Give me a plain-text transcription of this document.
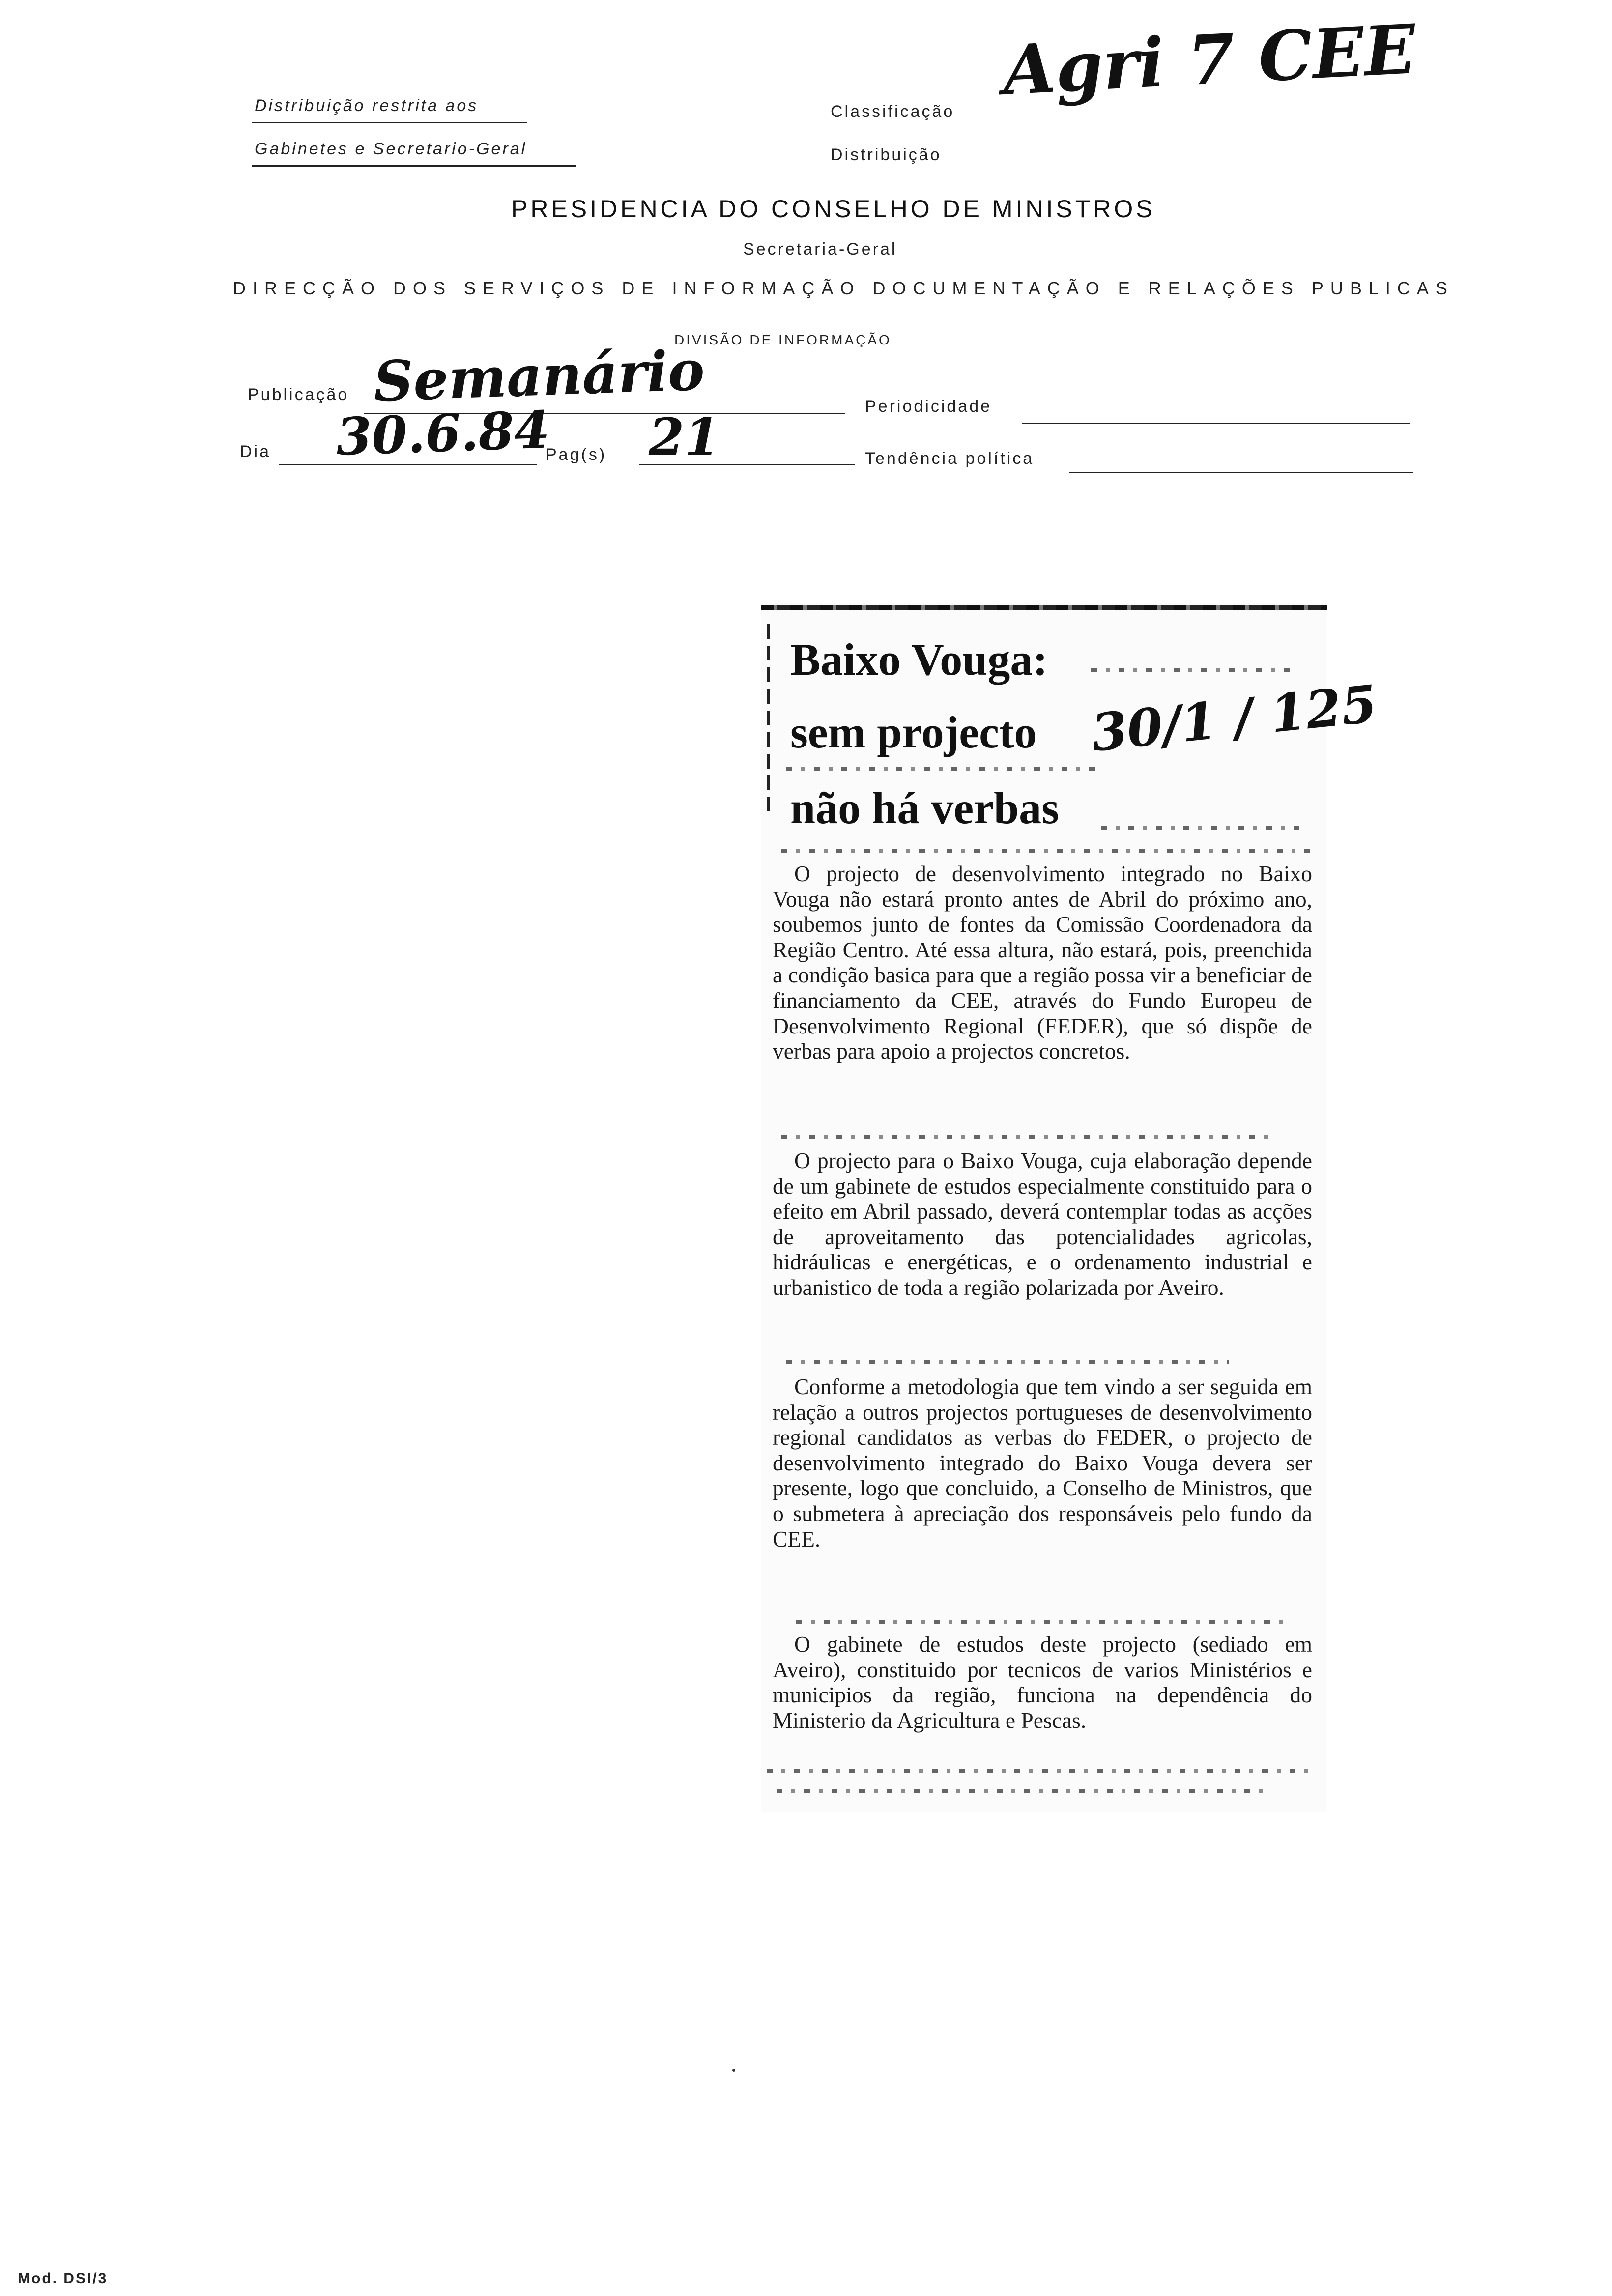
Distribuição restrita aos
Gabinetes e Secretario-Geral
Classificação
Distribuição
Agri 7 CEE
PRESIDENCIA DO CONSELHO DE MINISTROS
Secretaria-Geral
DIRECÇÃO DOS SERVIÇOS DE INFORMAÇÃO DOCUMENTAÇÃO E RELAÇÕES PUBLICAS
DIVISÃO DE INFORMAÇÃO
Publicação Semanário	Periodicidade
Dia 30.6.84
Pag(s) 21	Tendência política
Baixo Vouga:
sem projecto
não há verbas
30/1 / 125
O projecto de desenvolvimento integrado no Baixo Vouga não estará pronto antes de Abril do próximo ano, soubemos junto de fontes da Comissão Coordenadora da Região Centro. Até essa altura, não estará, pois, preenchida a condição basica para que a região possa vir a beneficiar de financiamento da CEE, através do Fundo Europeu de Desenvolvimento Regional (FEDER), que só dispõe de verbas para apoio a projectos concretos.
O projecto para o Baixo Vouga, cuja elaboração depende de um gabinete de estudos especialmente constituido para o efeito em Abril passado, deverá contemplar todas as acções de aproveitamento das potencialidades agricolas, hidráulicas e energéticas, e o ordenamento industrial e urbanistico de toda a região polarizada por Aveiro.
Conforme a metodologia que tem vindo a ser seguida em relação a outros projectos portugueses de desenvolvimento regional candidatos as verbas do FEDER, o projecto de desenvolvimento integrado do Baixo Vouga devera ser presente, logo que concluido, a Conselho de Ministros, que o submetera à apreciação dos responsáveis pelo fundo da CEE.
O gabinete de estudos deste projecto (sediado em Aveiro), constituido por tecnicos de varios Ministérios e municipios da região, funciona na dependência do Ministerio da Agricultura e Pescas.
Mod. DSI/3
